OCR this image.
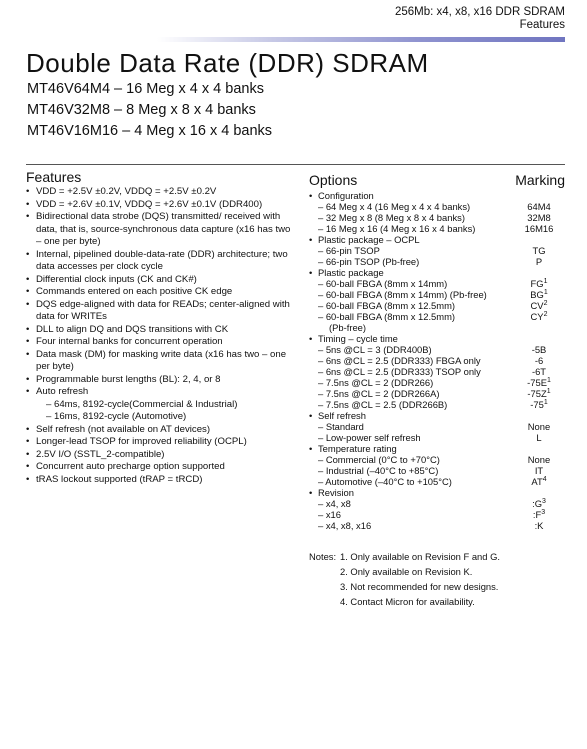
256Mb: x4, x8, x16 DDR SDRAM
Features
Double Data Rate (DDR) SDRAM
MT46V64M4 – 16 Meg x 4 x 4 banks
MT46V32M8 – 8 Meg x 8 x 4 banks
MT46V16M16 – 4 Meg x 16 x 4 banks
Features
• VDD = +2.5V ±0.2V, VDDQ = +2.5V ±0.2V
• VDD = +2.6V ±0.1V, VDDQ = +2.6V ±0.1V (DDR400)
• Bidirectional data strobe (DQS) transmitted/ received with data, that is, source-synchronous data capture (x16 has two – one per byte)
• Internal, pipelined double-data-rate (DDR) architecture; two data accesses per clock cycle
• Differential clock inputs (CK and CK#)
• Commands entered on each positive CK edge
• DQS edge-aligned with data for READs; center-aligned with data for WRITEs
• DLL to align DQ and DQS transitions with CK
• Four internal banks for concurrent operation
• Data mask (DM) for masking write data (x16 has two – one per byte)
• Programmable burst lengths (BL): 2, 4, or 8
• Auto refresh
– 64ms, 8192-cycle(Commercial & Industrial)
– 16ms, 8192-cycle (Automotive)
• Self refresh (not available on AT devices)
• Longer-lead TSOP for improved reliability (OCPL)
• 2.5V I/O (SSTL_2-compatible)
• Concurrent auto precharge option supported
• tRAS lockout supported (tRAP = tRCD)
Options	Marking
• Configuration
– 64 Meg x 4 (16 Meg x 4 x 4 banks)	64M4
– 32 Meg x 8 (8 Meg x 8 x 4 banks)	32M8
– 16 Meg x 16 (4 Meg x 16 x 4 banks)	16M16
• Plastic package – OCPL
– 66-pin TSOP	TG
– 66-pin TSOP (Pb-free)	P
• Plastic package
– 60-ball FBGA (8mm x 14mm)	$FG^1$
– 60-ball FBGA (8mm x 14mm) (Pb-free)	$BG^1$
– 60-ball FBGA (8mm x 12.5mm)	$CV^2$
– 60-ball FBGA (8mm x 12.5mm)	$CY^2$
(Pb-free)
• Timing – cycle time
– 5ns @CL = 3 (DDR400B)	-5B
– 6ns @CL = 2.5 (DDR333) FBGA only	-6
– 6ns @CL = 2.5 (DDR333) TSOP only	-6T
– 7.5ns @CL = 2 (DDR266)	$-75E^1$
– 7.5ns @CL = 2 (DDR266A)	$-75Z^1$
– 7.5ns @CL = 2.5 (DDR266B)	$-75^1$
• Self refresh
– Standard	None
– Low-power self refresh	L
• Temperature rating
– Commercial (0°C to +70°C)	None
– Industrial (–40°C to +85°C)	IT
– Automotive (–40°C to +105°C)	$AT^4$
• Revision
– x4, x8	$:G^3$
– x16	$:F^3$
– x4, x8, x16	:K
Notes: 1. Only available on Revision F and G.
2. Only available on Revision K.
3. Not recommended for new designs.
4. Contact Micron for availability.
